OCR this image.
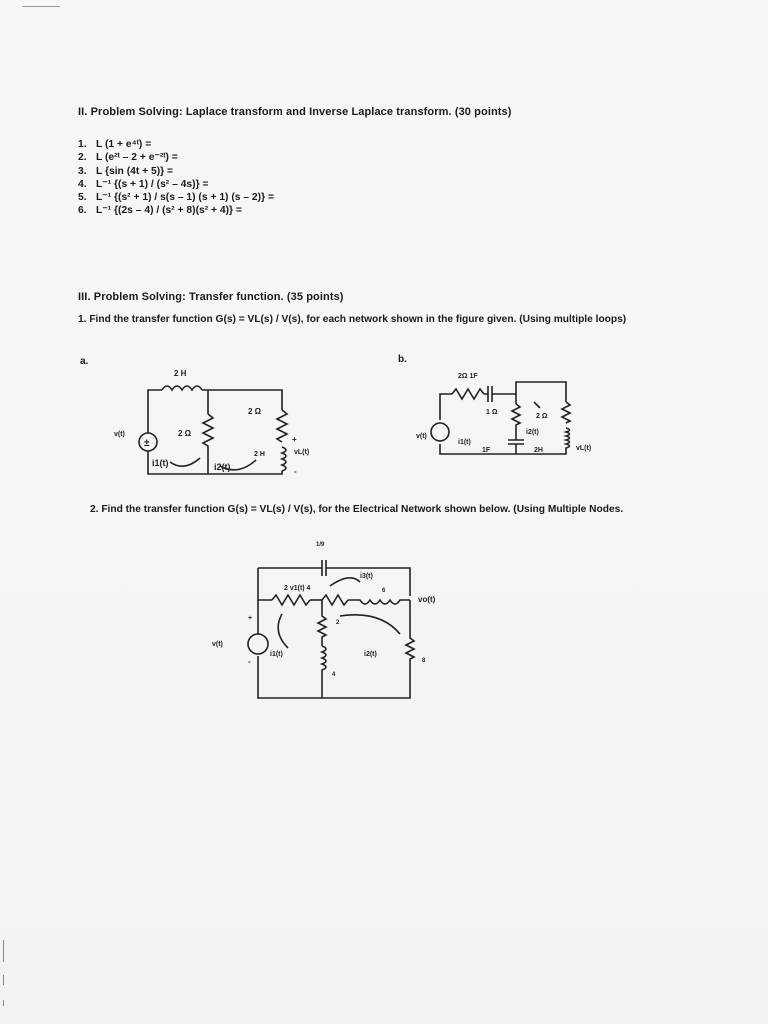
II. Problem Solving: Laplace transform and Inverse Laplace transform. (30 points)
1. L (1 + e⁴ᵗ) =
2. L (e²ᵗ – 2 + e⁻²ᵗ) =
3. L {sin (4t + 5)} =
4. L⁻¹ {(s + 1) / (s² – 4s)} =
5. L⁻¹ {(s² + 1) / s(s – 1) (s + 1) (s – 2)} =
6. L⁻¹ {(2s – 4) / (s² + 8)(s² + 4)} =
III. Problem Solving: Transfer function. (35 points)
1. Find the transfer function G(s) = VL(s) / V(s), for each network shown in the figure given. (Using multiple loops)
a.	b.
±
2 H
2 Ω
2 Ω
2 H
v(t)
vL(t)
+
-
i1(t)	i2(t)
2Ω 1F
1 Ω
2 Ω
1F	2H
v(t)
vL(t)
i1(t)
i2(t)
2. Find the transfer function G(s) = VL(s) / V(s), for the Electrical Network shown below. (Using Multiple Nodes.
1/9
i3(t)
2 v1(t) 4	6
vo(t)
v(t)
+
-
i1(t)
2
i2(t)
4
8
